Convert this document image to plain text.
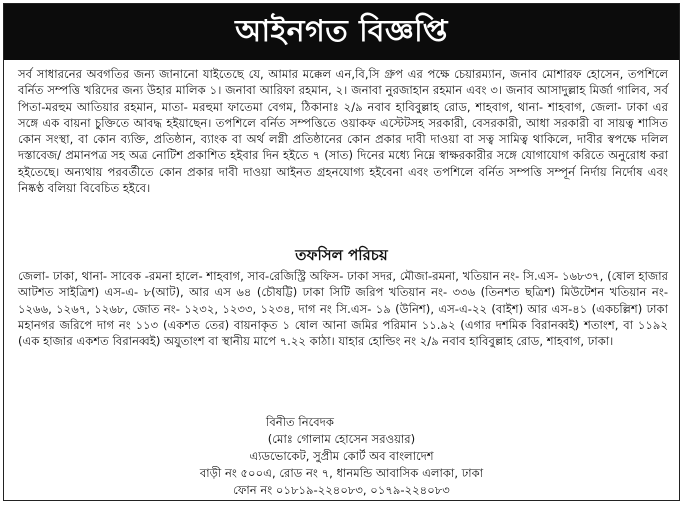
আইনগত বিজ্ঞপ্তি

সর্ব সাধারনের অবগতির জন্য জানানো যাইতেছে যে, আমার মক্কেল এন,বি,সি গ্রুপ এর পক্ষে চেয়ারম্যান, জনাব মোশারফ হোসেন, তপশিলে বর্নিত সম্পত্তি খরিদের জন্য উহার মালিক ১। জনাবা আরিফা রহমান, ২। জনাবা নুরজাহান রহমান এবং ৩। জনাব আসাদুল্লাহ মির্জা গালিব, সর্ব পিতা-মরহুম আতিয়ার রহমান, মাতা- মরহুমা ফাতেমা বেগম, ঠিকানাঃ ২/৯ নবাব হাবিবুল্লাহ রোড, শাহবাগ, থানা- শাহবাগ, জেলা- ঢাকা এর সঙ্গে এক বায়না চুক্তিতে আবদ্ধ হইয়াছেন। তপশিলে বর্নিত সম্পত্তিতে ওয়াকফ এস্টেটসহ সরকারী, বেসরকারী, আধা সরকারী বা সায়ত্ব শাসিত কোন সংস্থা, বা কোন ব্যক্তি, প্রতিষ্ঠান, ব্যাংক বা অর্থ লগ্নী প্রতিষ্ঠানের কোন প্রকার দাবী দাওয়া বা সত্ব সামিত্ব থাকিলে, দাবীর স্বপক্ষে দলিল দস্তাবেজ/ প্রমানপত্র সহ অত্র নোটিশ প্রকাশিত হইবার দিন হইতে ৭ (সাত) দিনের মধ্যে নিম্নে স্বাক্ষরকারীর সঙ্গে যোগাযোগ করিতে অনুরোধ করা হইতেছে। অন্যথায় পরবর্তীতে কোন প্রকার দাবী দাওয়া আইনত গ্রহনযোগ্য হইবেনা এবং তপশিলে বর্নিত সম্পত্তি সম্পূর্ন নির্দায় নির্দোষ এবং নিষ্কণ্ঠ বলিয়া বিবেচিত হইবে।

তফসিল পরিচয়

জেলা- ঢাকা, থানা- সাবেক -রমনা হালে- শাহবাগ, সাব-রেজিস্ট্রি অফিস- ঢাকা সদর, মৌজা-রমনা, খতিয়ান নং- সি.এস- ১৬৮৩৭, (ষোল হাজার আটশত সাইত্রিশ) এস-এ- ৮(আট), আর এস ৬৪ (চৌষট্টি) ঢাকা সিটি জরিপ খতিয়ান নং- ৩৩৬ (তিনশত ছত্রিশ) মিউটেশন খতিয়ান নং- ১২৬৬, ১২৬৭, ১২৬৮, জোত নং- ১২৩২, ১২৩৩, ১২৩৪, দাগ নং সি.এস- ১৯ (উনিশ), এস-এ-২২ (বাইশ) আর এস-৪১ (একচল্লিশ) ঢাকা মহানগর জরিপে দাগ নং ১১৩ (একশত তের) বায়নাকৃত ১ ষোল আনা জমির পরিমান ১১.৯২ (এগার দশমিক বিরানব্বই) শতাংশ, বা ১১৯২ (এক হাজার একশত বিরানব্বই) অযুতাংশ বা স্থানীয় মাপে ৭.২২ কাঠা। যাহার হোল্ডিং নং ২/৯ নবাব হাবিবুল্লাহ রোড, শাহবাগ, ঢাকা।

বিনীত নিবেদক
(মোঃ গোলাম হোসেন সরওয়ার)
এ্যডভোকেট, সুপ্রীম কোর্ট অব বাংলাদেশ
বাড়ী নং ৫০০এ, রোড নং ৭, ধানমন্ডি আবাসিক এলাকা, ঢাকা
ফোন নং ০১৮১৯-২২৪০৮৩, ০১৭৯-২২৪০৮৩
